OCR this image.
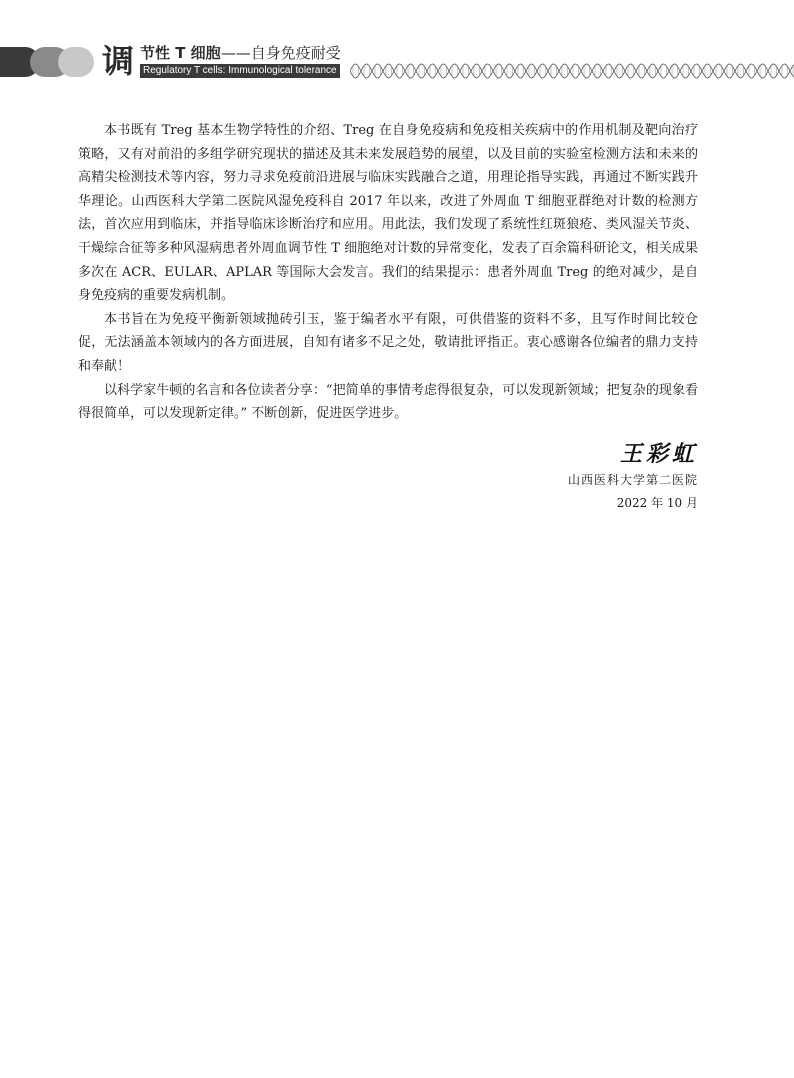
调 节性 T 细胞——自身免疫耐受
Regulatory T cells: Immunological tolerance

本书既有 Treg 基本生物学特性的介绍、Treg 在自身免疫病和免疫相关疾病中的作用机制及靶向治疗策略，又有对前沿的多组学研究现状的描述及其未来发展趋势的展望，以及目前的实验室检测方法和未来的高精尖检测技术等内容，努力寻求免疫前沿进展与临床实践融合之道，用理论指导实践，再通过不断实践升华理论。山西医科大学第二医院风湿免疫科自 2017 年以来，改进了外周血 T 细胞亚群绝对计数的检测方法，首次应用到临床，并指导临床诊断治疗和应用。用此法，我们发现了系统性红斑狼疮、类风湿关节炎、干燥综合征等多种风湿病患者外周血调节性 T 细胞绝对计数的异常变化，发表了百余篇科研论文，相关成果多次在 ACR、EULAR、APLAR 等国际大会发言。我们的结果提示：患者外周血 Treg 的绝对减少，是自身免疫病的重要发病机制。

本书旨在为免疫平衡新领域抛砖引玉，鉴于编者水平有限，可供借鉴的资料不多，且写作时间比较仓促，无法涵盖本领域内的各方面进展，自知有诸多不足之处，敬请批评指正。衷心感谢各位编者的鼎力支持和奉献！

以科学家牛顿的名言和各位读者分享：“把简单的事情考虑得很复杂，可以发现新领域；把复杂的现象看得很简单，可以发现新定律。” 不断创新，促进医学进步。

王彩虹
山西医科大学第二医院
2022 年 10 月
